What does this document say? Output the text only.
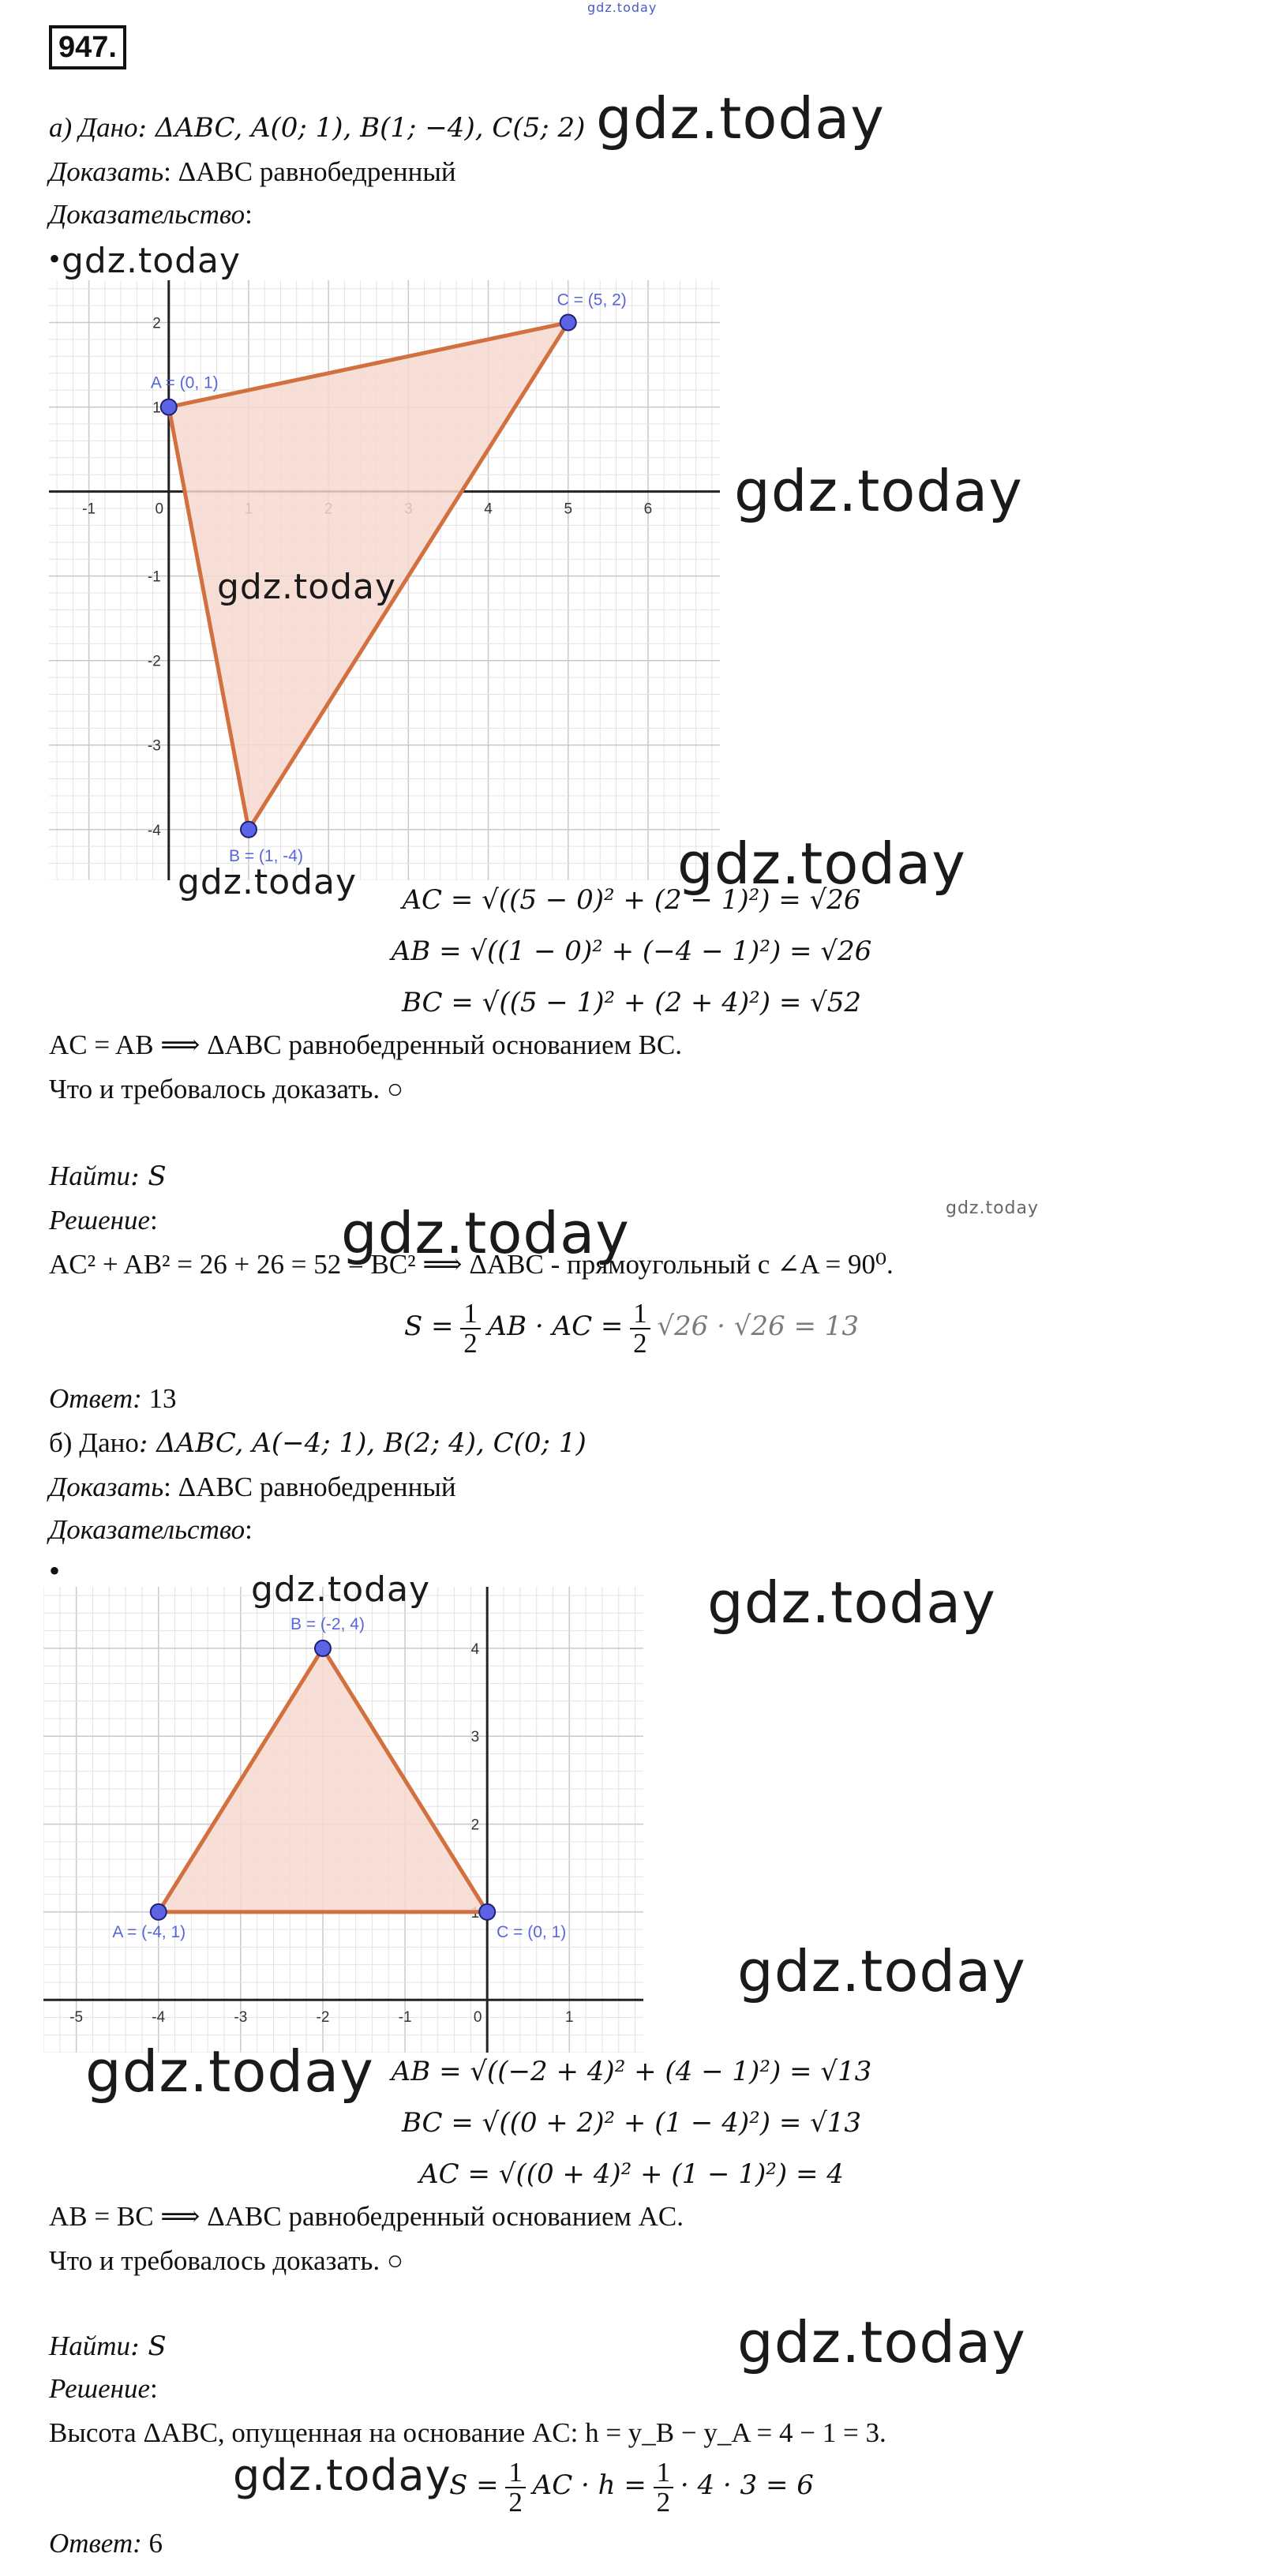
gdz.today
947.
а) Дано: ΔABC, A(0; 1), B(1; −4), C(5; 2)
Доказать: ΔABC равнобедренный
Доказательство:
•
-1	0	4	5	6
2
1
-1
-2
-3
-4
A = (0, 1)
B = (1, -4)
C = (5, 2)
AC = √((5 − 0)² + (2 − 1)²) = √26
AB = √((1 − 0)² + (−4 − 1)²) = √26
BC = √((5 − 1)² + (2 + 4)²) = √52
AC = AB ⟹ ΔABC равнобедренный основанием BC.
Что и требовалось доказать. ○
Найти: S
Решение:
AC² + AB² = 26 + 26 = 52 = BC² ⟹ ΔABC - прямоугольный с ∠A = 90⁰.
$S = \frac{1}{2}$ AB · AC = $\frac{1}{2} √26 \cdot √26 = 13$
Ответ: 13
б) Дано: ΔABC, A(−4; 1), B(2; 4), C(0; 1)
Доказать: ΔABC равнобедренный
Доказательство:
•
-5	-4	-3	-2	-1	0	1
4
3
2
A = (-4, 1)
B = (-2, 4)
C = (0, 1)
AB = √((−2 + 4)² + (4 − 1)²) = √13
BC = √((0 + 2)² + (1 − 4)²) = √13
AC = √((0 + 4)² + (1 − 1)²) = 4
AB = BC ⟹ ΔABC равнобедренный основанием AC.
Что и требовалось доказать. ○
Найти: S
Решение:
Высота ΔABC, опущенная на основание AC: h = y_B − y_A = 4 − 1 = 3.
$S = \frac{1}{2}$ AC · $h = \frac{1}{2} \cdot 4 \cdot 3 = 6$
Ответ: 6
gdz.today
gdz.today
gdz.today
gdz.today
gdz.today
gdz.today
gdz.today	gdz.today
gdz.today	gdz.today
gdz.today
gdz.today
gdz.today
gdz.today
